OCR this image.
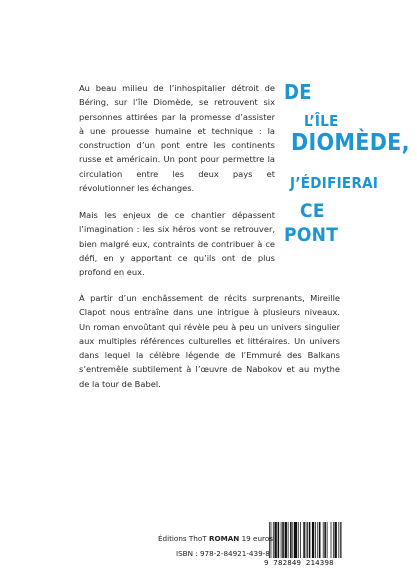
Au beau milieu de l’inhospitalier détroit de Béring, sur l’île Diomède, se retrouvent six personnes attirées par la promesse d’assister à une prouesse humaine et technique : la construction d’un pont entre les continents russe et américain. Un pont pour permettre la circulation entre les deux pays et révolutionner les échanges.

Mais les enjeux de ce chantier dépassent l’imagination : les six héros vont se retrouver, bien malgré eux, contraints de contribuer à ce défi, en y apportant ce qu’ils ont de plus profond en eux.

À partir d’un enchâssement de récits surprenants, Mireille Clapot nous entraîne dans une intrigue à plusieurs niveaux. Un roman envoûtant qui révèle peu à peu un univers singulier aux multiples références culturelles et littéraires. Un univers dans lequel la célèbre légende de l’Emmuré des Balkans s’entremêle subtilement à l’œuvre de Nabokov et au mythe de la tour de Babel.

DE
L’ÎLE
DIOMÈDE,
J’ÉDIFIERAI
CE
PONT
Éditions ThoT ROMAN 19 euros
ISBN : 978-2-84921-439-8
9 782849 214398
